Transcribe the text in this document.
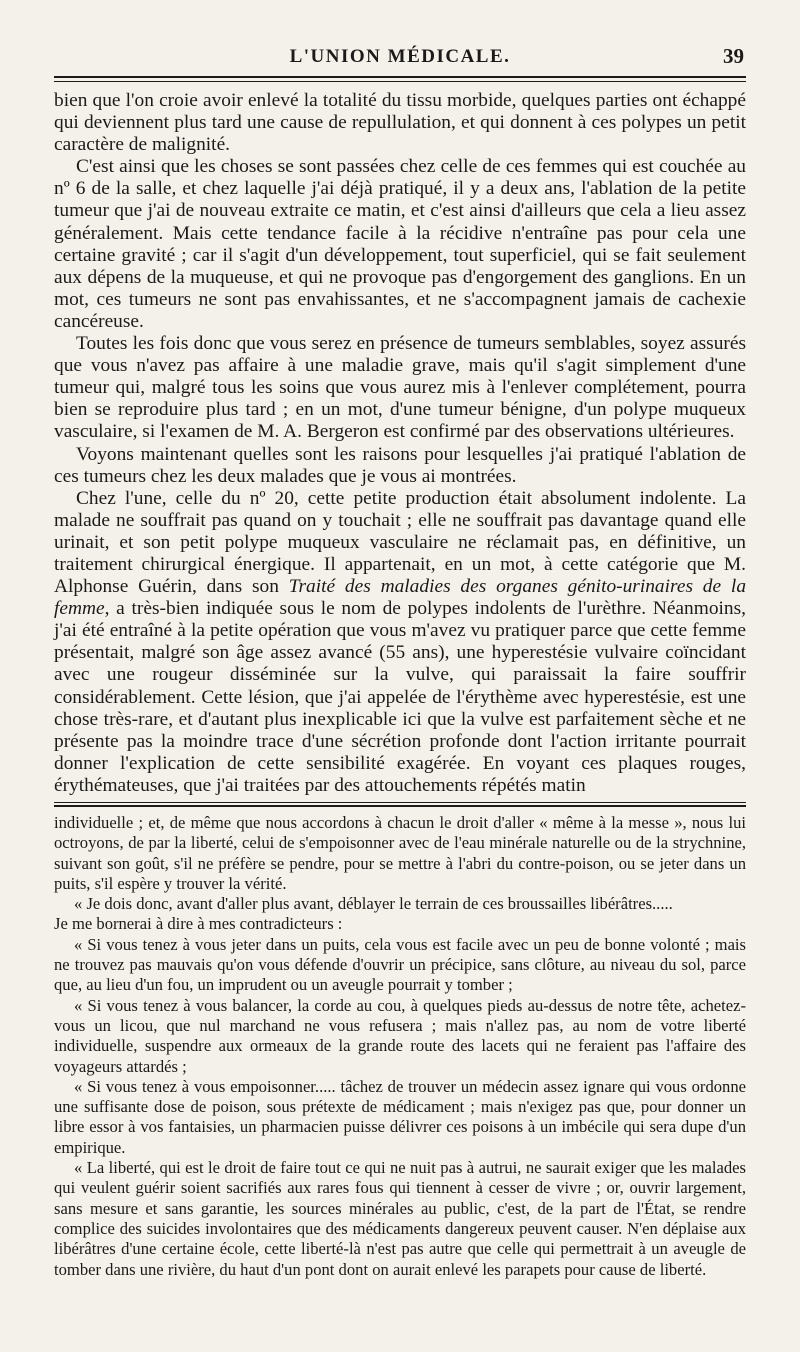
L'UNION MÉDICALE.	39

bien que l'on croie avoir enlevé la totalité du tissu morbide, quelques parties ont échappé qui deviennent plus tard une cause de repullulation, et qui donnent à ces polypes un petit caractère de malignité.

C'est ainsi que les choses se sont passées chez celle de ces femmes qui est couchée au nº 6 de la salle, et chez laquelle j'ai déjà pratiqué, il y a deux ans, l'ablation de la petite tumeur que j'ai de nouveau extraite ce matin, et c'est ainsi d'ailleurs que cela a lieu assez généralement. Mais cette tendance facile à la récidive n'entraîne pas pour cela une certaine gravité ; car il s'agit d'un développement, tout superficiel, qui se fait seulement aux dépens de la muqueuse, et qui ne provoque pas d'engorgement des ganglions. En un mot, ces tumeurs ne sont pas envahissantes, et ne s'accompagnent jamais de cachexie cancéreuse.

Toutes les fois donc que vous serez en présence de tumeurs semblables, soyez assurés que vous n'avez pas affaire à une maladie grave, mais qu'il s'agit simplement d'une tumeur qui, malgré tous les soins que vous aurez mis à l'enlever complétement, pourra bien se reproduire plus tard ; en un mot, d'une tumeur bénigne, d'un polype muqueux vasculaire, si l'examen de M. A. Bergeron est confirmé par des observations ultérieures.

Voyons maintenant quelles sont les raisons pour lesquelles j'ai pratiqué l'ablation de ces tumeurs chez les deux malades que je vous ai montrées.

Chez l'une, celle du nº 20, cette petite production était absolument indolente. La malade ne souffrait pas quand on y touchait ; elle ne souffrait pas davantage quand elle urinait, et son petit polype muqueux vasculaire ne réclamait pas, en définitive, un traitement chirurgical énergique. Il appartenait, en un mot, à cette catégorie que M. Alphonse Guérin, dans son Traité des maladies des organes génito-urinaires de la femme, a très-bien indiquée sous le nom de polypes indolents de l'urèthre. Néanmoins, j'ai été entraîné à la petite opération que vous m'avez vu pratiquer parce que cette femme présentait, malgré son âge assez avancé (55 ans), une hyperestésie vulvaire coïncidant avec une rougeur disséminée sur la vulve, qui paraissait la faire souffrir considérablement. Cette lésion, que j'ai appelée de l'érythème avec hyperestésie, est une chose très-rare, et d'autant plus inexplicable ici que la vulve est parfaitement sèche et ne présente pas la moindre trace d'une sécrétion profonde dont l'action irritante pourrait donner l'explication de cette sensibilité exagérée. En voyant ces plaques rouges, érythémateuses, que j'ai traitées par des attouchements répétés matin

individuelle ; et, de même que nous accordons à chacun le droit d'aller « même à la messe », nous lui octroyons, de par la liberté, celui de s'empoisonner avec de l'eau minérale naturelle ou de la strychnine, suivant son goût, s'il ne préfère se pendre, pour se mettre à l'abri du contre-poison, ou se jeter dans un puits, s'il espère y trouver la vérité.

« Je dois donc, avant d'aller plus avant, déblayer le terrain de ces broussailles libérâtres.....

Je me bornerai à dire à mes contradicteurs :

« Si vous tenez à vous jeter dans un puits, cela vous est facile avec un peu de bonne volonté ; mais ne trouvez pas mauvais qu'on vous défende d'ouvrir un précipice, sans clôture, au niveau du sol, parce que, au lieu d'un fou, un imprudent ou un aveugle pourrait y tomber ;

« Si vous tenez à vous balancer, la corde au cou, à quelques pieds au-dessus de notre tête, achetez-vous un licou, que nul marchand ne vous refusera ; mais n'allez pas, au nom de votre liberté individuelle, suspendre aux ormeaux de la grande route des lacets qui ne feraient pas l'affaire des voyageurs attardés ;

« Si vous tenez à vous empoisonner..... tâchez de trouver un médecin assez ignare qui vous ordonne une suffisante dose de poison, sous prétexte de médicament ; mais n'exigez pas que, pour donner un libre essor à vos fantaisies, un pharmacien puisse délivrer ces poisons à un imbécile qui sera dupe d'un empirique.

« La liberté, qui est le droit de faire tout ce qui ne nuit pas à autrui, ne saurait exiger que les malades qui veulent guérir soient sacrifiés aux rares fous qui tiennent à cesser de vivre ; or, ouvrir largement, sans mesure et sans garantie, les sources minérales au public, c'est, de la part de l'État, se rendre complice des suicides involontaires que des médicaments dangereux peuvent causer. N'en déplaise aux libérâtres d'une certaine école, cette liberté-là n'est pas autre que celle qui permettrait à un aveugle de tomber dans une rivière, du haut d'un pont dont on aurait enlevé les parapets pour cause de liberté.
